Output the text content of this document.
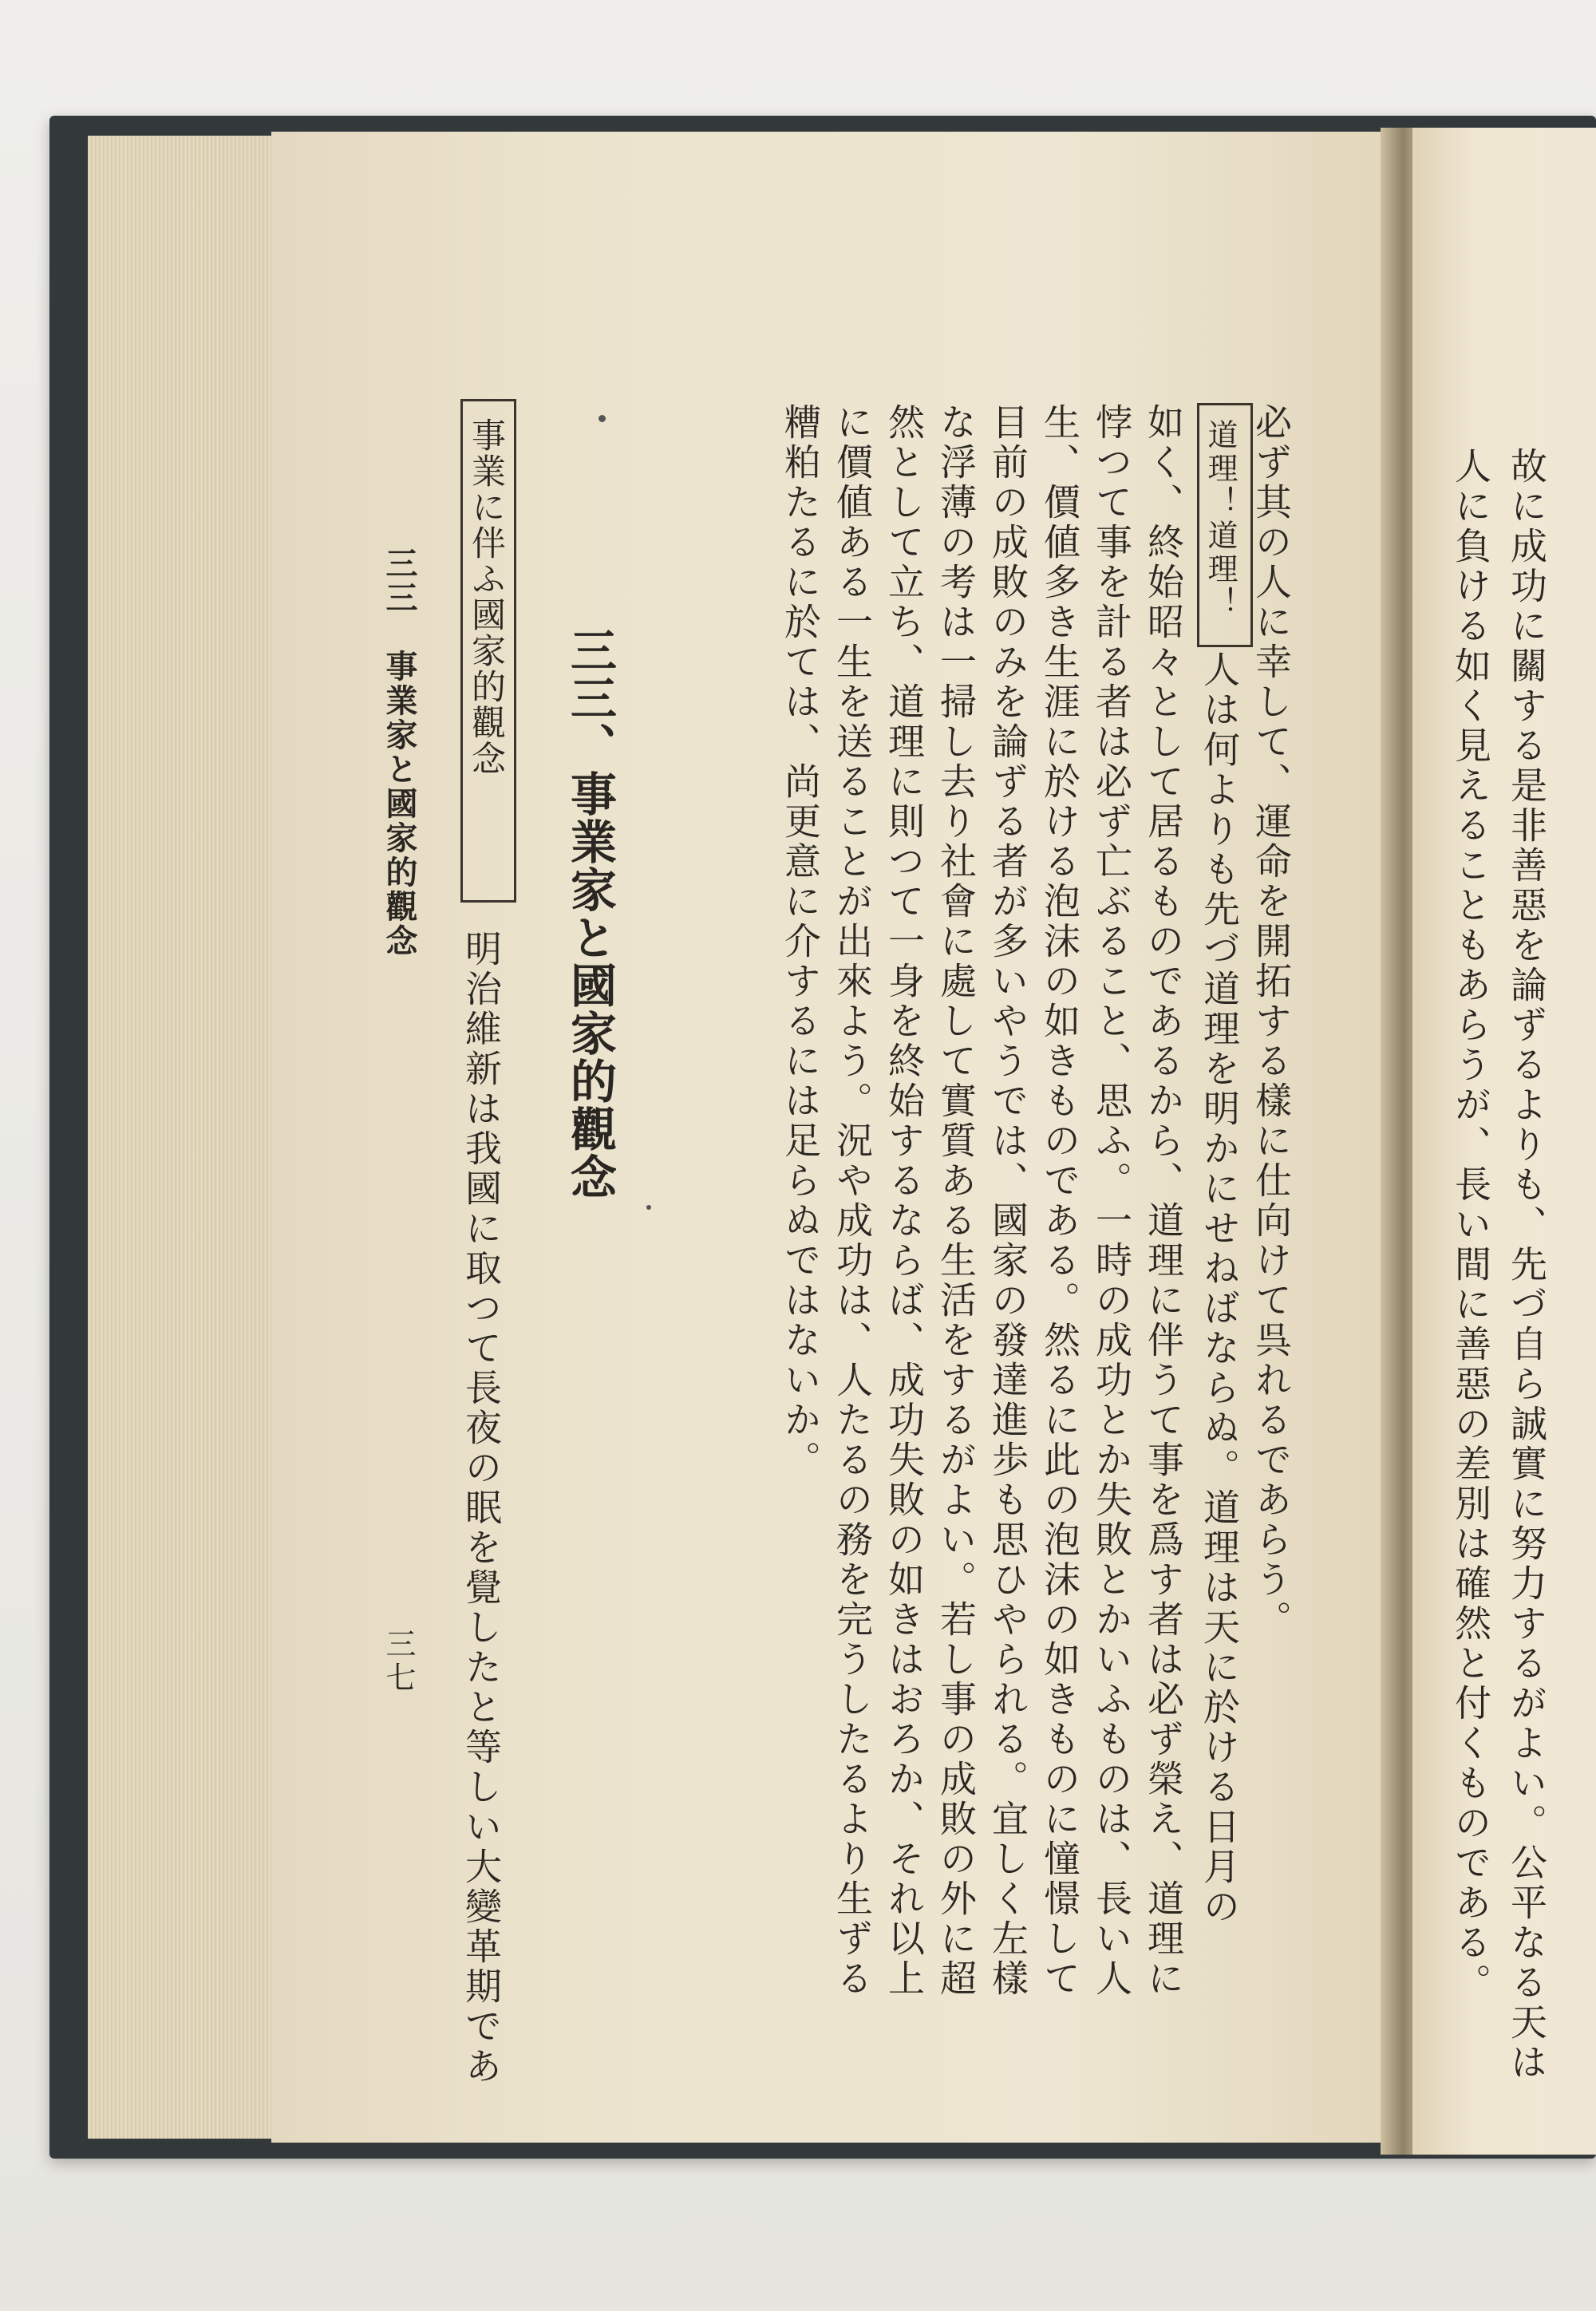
必ず其の人に幸して、運命を開拓する樣に仕向けて呉れるであらう。
道理！道理！
人は何よりも先づ道理を明かにせねばならぬ。道理は天に於ける日月の
如く、終始昭々として居るものであるから、道理に伴うて事を爲す者は必ず榮え、道理に
悖つて事を計る者は必ず亡ぶること、思ふ。一時の成功とか失敗とかいふものは、長い人
生、價値多き生涯に於ける泡沫の如きものである。然るに此の泡沫の如きものに憧憬して
目前の成敗のみを論ずる者が多いやうでは、國家の發達進歩も思ひやられる。宜しく左樣
な浮薄の考は一掃し去り社會に處して實質ある生活をするがよい。若し事の成敗の外に超
然として立ち、道理に則つて一身を終始するならば、成功失敗の如きはおろか、それ以上
に價値ある一生を送ることが出來よう。況や成功は、人たるの務を完うしたるより生ずる
糟粕たるに於ては、尚更意に介するには足らぬではないか。
三三、事業家と國家的觀念
事業に伴ふ國家的觀念
明治維新は我國に取つて長夜の眠を覺したと等しい大變革期であ
三三　事業家と國家的觀念
三七	故に成功に關する是非善惡を論ずるよりも、先づ自ら誠實に努力するがよい。公平なる天は
人に負ける如く見えることもあらうが、長い間に善惡の差別は確然と付くものである。
